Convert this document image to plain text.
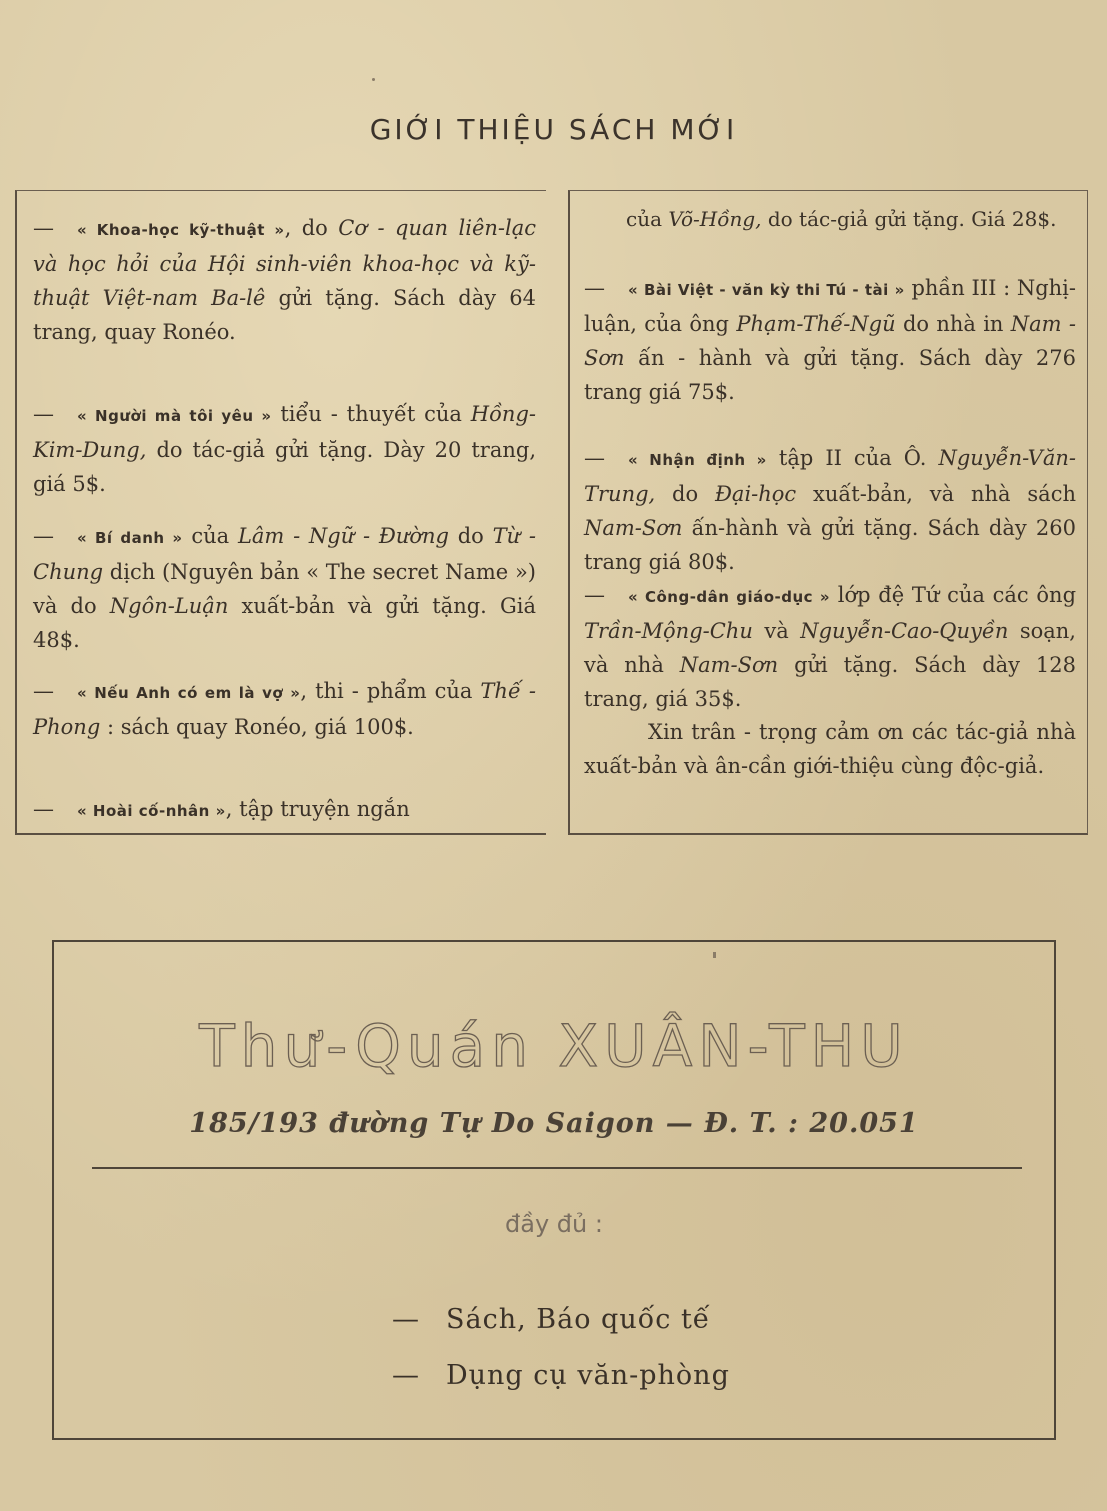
GIỚI THIỆU SÁCH MỚI
— « Khoa-học kỹ-thuật », do Cơ - quan liên-lạc và học hỏi của Hội sinh-viên khoa-học và kỹ-thuật Việt-nam Ba-lê gửi tặng. Sách dày 64 trang, quay Ronéo.
— « Người mà tôi yêu » tiểu - thuyết của Hồng-Kim-Dung, do tác-giả gửi tặng. Dày 20 trang, giá 5$.
— « Bí danh » của Lâm - Ngữ - Đường do Từ - Chung dịch (Nguyên bản « The secret Name ») và do Ngôn-Luận xuất-bản và gửi tặng. Giá 48$.
— « Nếu Anh có em là vợ », thi - phẩm của Thế - Phong : sách quay Ronéo, giá 100$.
— « Hoài cố-nhân », tập truyện ngắn
của Võ-Hồng, do tác-giả gửi tặng. Giá 28$.
— « Bài Việt - văn kỳ thi Tú - tài » phần III : Nghị-luận, của ông Phạm-Thế-Ngũ do nhà in Nam - Sơn ấn - hành và gửi tặng. Sách dày 276 trang giá 75$.
— « Nhận định » tập II của Ô. Nguyễn-Văn-Trung, do Đại-học xuất-bản, và nhà sách Nam-Sơn ấn-hành và gửi tặng. Sách dày 260 trang giá 80$.
— « Công-dân giáo-dục » lớp đệ Tứ của các ông Trần-Mộng-Chu và Nguyễn-Cao-Quyền soạn, và nhà Nam-Sơn gửi tặng. Sách dày 128 trang, giá 35$.
Xin trân - trọng cảm ơn các tác-giả nhà xuất-bản và ân-cần giới-thiệu cùng độc-giả.
Thư-Quán XUÂN-THU
185/193 đường Tự Do Saigon — Đ. T. : 20.051
đầy đủ :
— Sách, Báo quốc tế
— Dụng cụ văn-phòng
